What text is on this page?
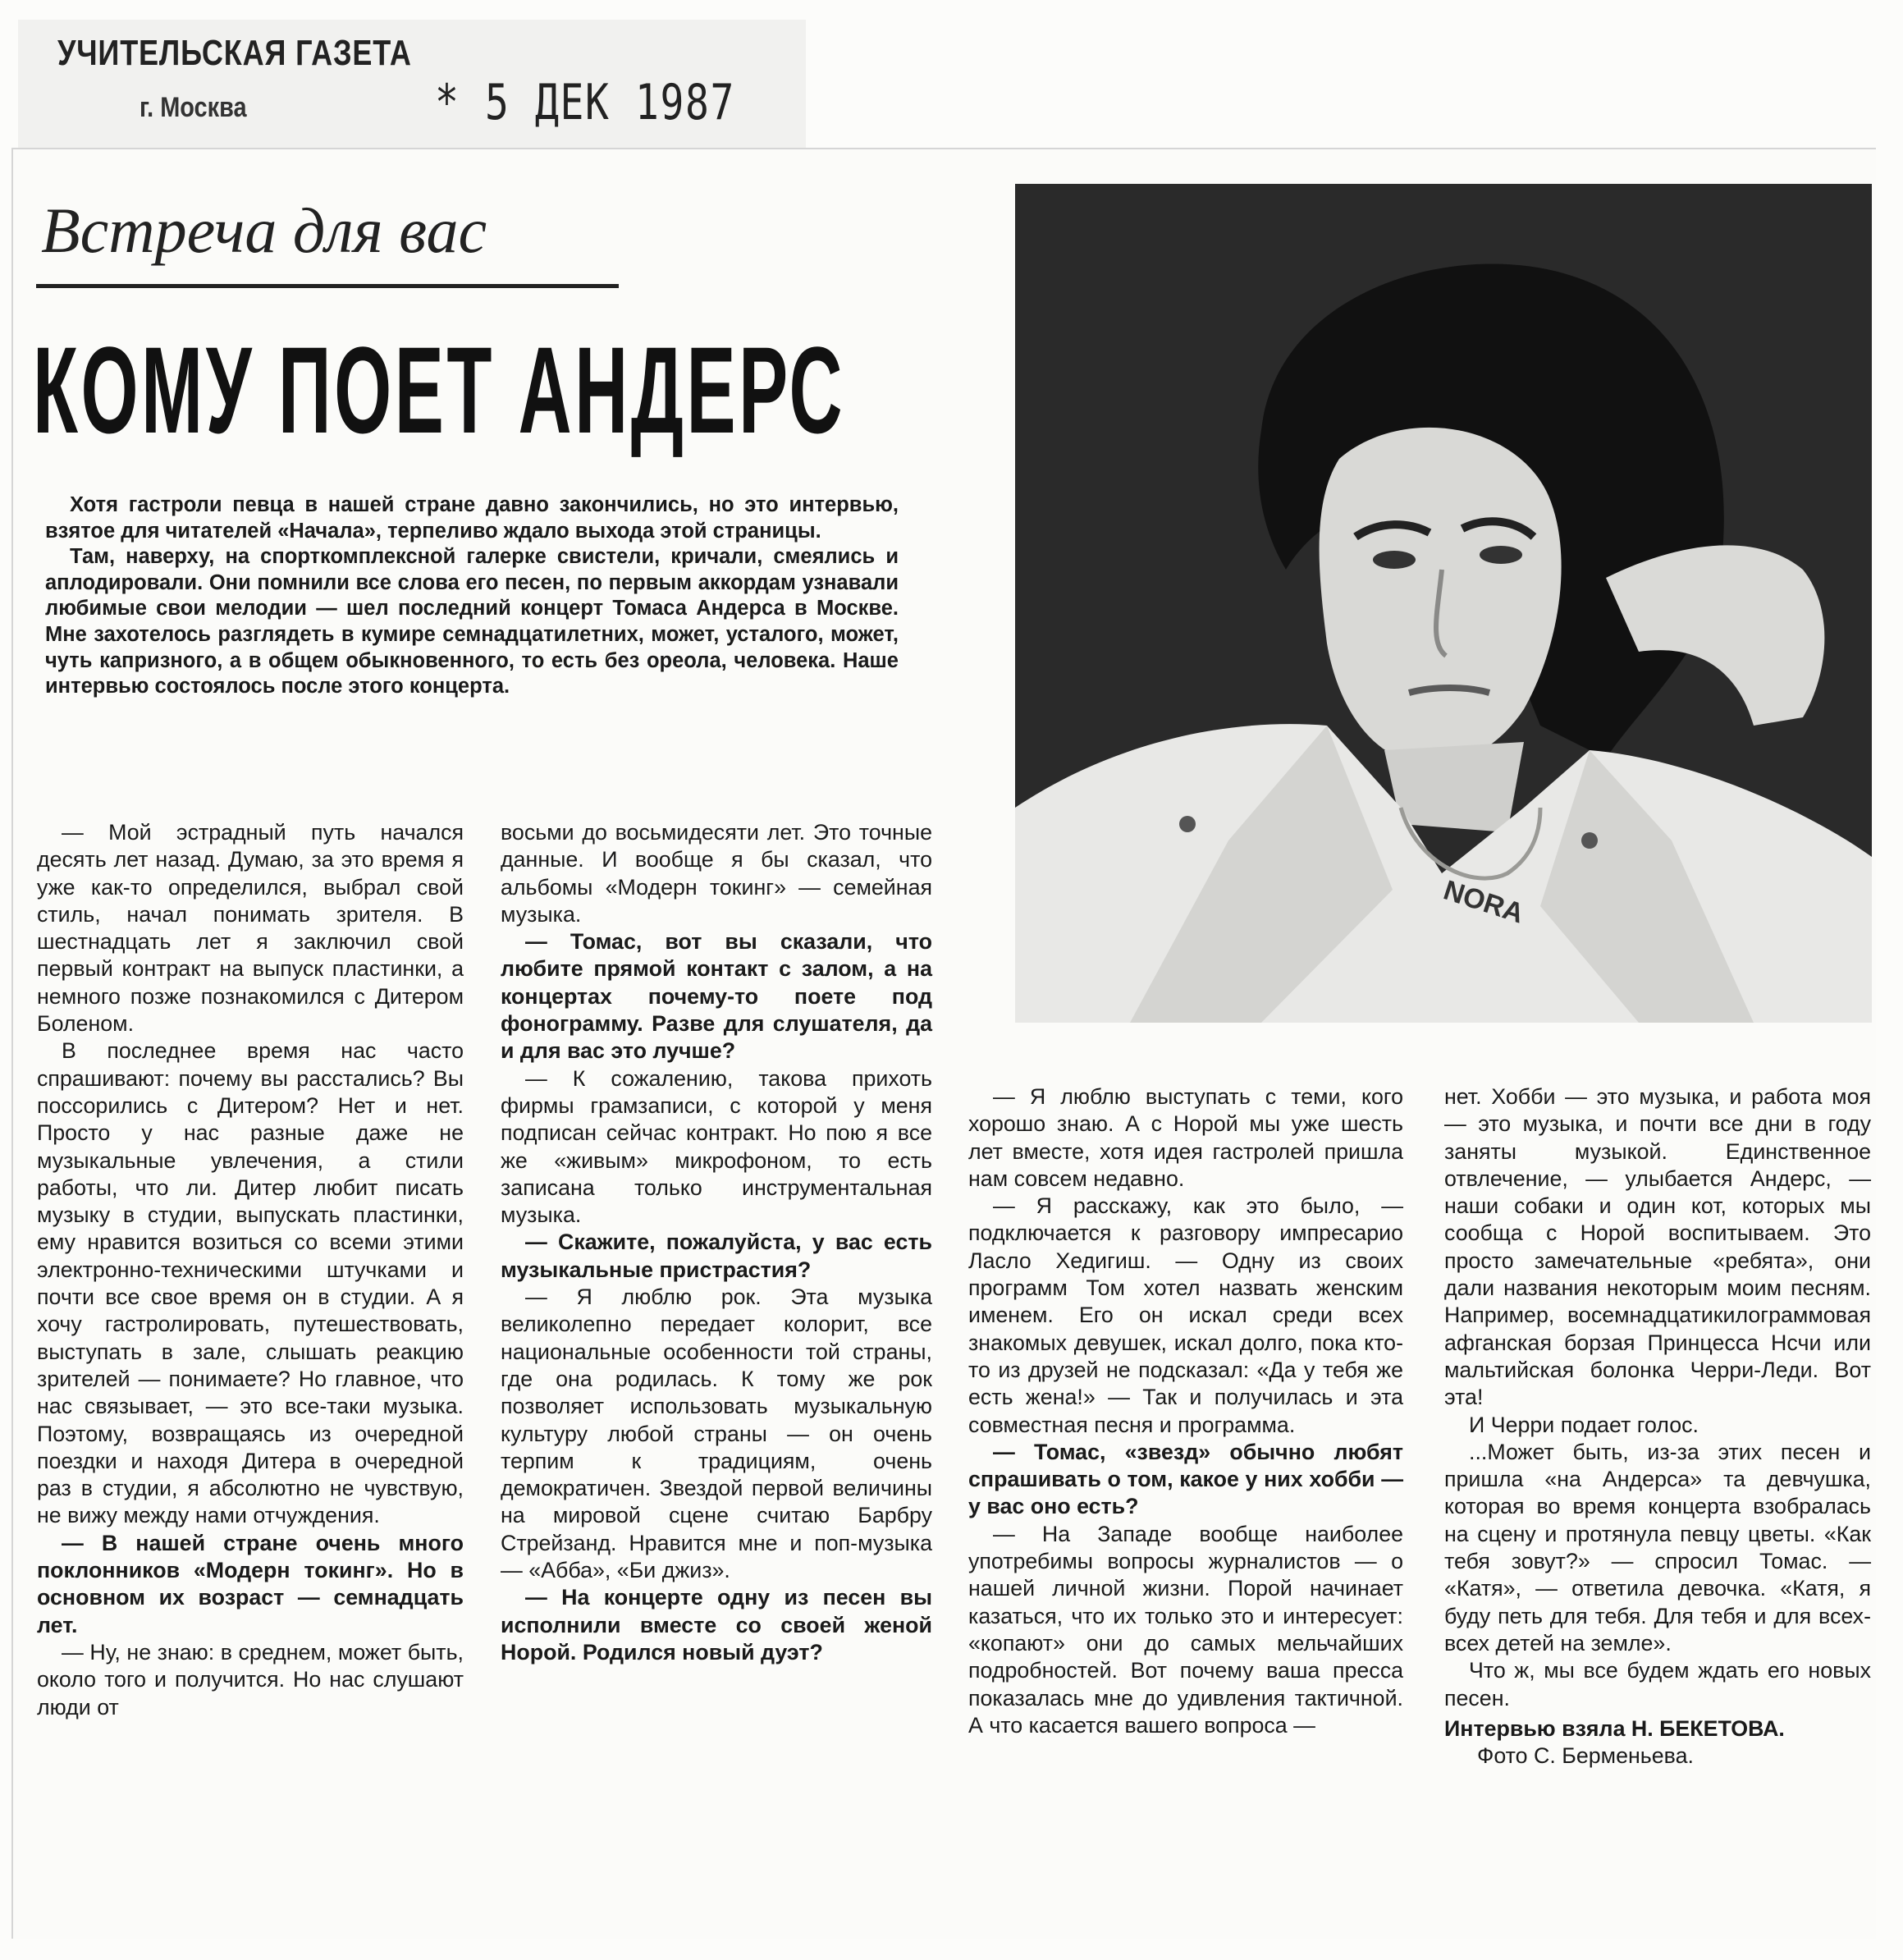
УЧИТЕЛЬСКАЯ ГАЗЕТА
г. Москва	* 5 ДЕК 1987
Встреча для вас
КОМУ ПОЕТ АНДЕРС

Хотя гастроли певца в нашей стране давно закончились, но это интервью, взятое для читателей «Начала», терпеливо ждало выхода этой страницы.

Там, наверху, на спорткомплексной галерке свистели, кричали, смеялись и аплодировали. Они помнили все слова его песен, по первым аккордам узнавали любимые свои мелодии — шел последний концерт Томаса Андерса в Москве. Мне захотелось разглядеть в кумире семнадцатилетних, может, усталого, может, чуть капризного, а в общем обыкновенного, то есть без ореола, человека. Наше интервью состоялось после этого концерта.

NORA

— Мой эстрадный путь начался десять лет назад. Думаю, за это время я уже как-то определился, выбрал свой стиль, начал понимать зрителя. В шестнадцать лет я заключил свой первый контракт на выпуск пластинки, а немного позже познакомился с Дитером Боленом.

В последнее время нас часто спрашивают: почему вы расстались? Вы поссорились с Дитером? Нет и нет. Просто у нас разные даже не музыкальные увлечения, а стили работы, что ли. Дитер любит писать музыку в студии, выпускать пластинки, ему нравится возиться со всеми этими электронно-техническими штучками и почти все свое время он в студии. А я хочу гастролировать, путешествовать, выступать в зале, слышать реакцию зрителей — понимаете? Но главное, что нас связывает, — это все-таки музыка. Поэтому, возвращаясь из очередной поездки и находя Дитера в очередной раз в студии, я абсолютно не чувствую, не вижу между нами отчуждения.

— В нашей стране очень много поклонников «Модерн токинг». Но в основном их возраст — семнадцать лет.

— Ну, не знаю: в среднем, может быть, около того и получится. Но нас слушают люди от

восьми до восьмидесяти лет. Это точные данные. И вообще я бы сказал, что альбомы «Модерн токинг» — семейная музыка.

— Томас, вот вы сказали, что любите прямой контакт с залом, а на концертах почему-то поете под фонограмму. Разве для слушателя, да и для вас это лучше?

— К сожалению, такова прихоть фирмы грамзаписи, с которой у меня подписан сейчас контракт. Но пою я все же «живым» микрофоном, то есть записана только инструментальная музыка.

— Скажите, пожалуйста, у вас есть музыкальные пристрастия?

— Я люблю рок. Эта музыка великолепно передает колорит, все национальные особенности той страны, где она родилась. К тому же рок позволяет использовать музыкальную культуру любой страны — он очень терпим к традициям, очень демократичен. Звездой первой величины на мировой сцене считаю Барбру Стрейзанд. Нравится мне и поп-музыка — «Абба», «Би джиз».

— На концерте одну из песен вы исполнили вместе со своей женой Норой. Родился новый дуэт?

— Я люблю выступать с теми, кого хорошо знаю. А с Норой мы уже шесть лет вместе, хотя идея гастролей пришла нам совсем недавно.

— Я расскажу, как это было, — подключается к разговору импресарио Ласло Хедигиш. — Одну из своих программ Том хотел назвать женским именем. Его он искал среди всех знакомых девушек, искал долго, пока кто-то из друзей не подсказал: «Да у тебя же есть жена!» — Так и получилась и эта совместная песня и программа.

— Томас, «звезд» обычно любят спрашивать о том, какое у них хобби — у вас оно есть?

— На Западе вообще наиболее употребимы вопросы журналистов — о нашей личной жизни. Порой начинает казаться, что их только это и интересует: «копают» они до самых мельчайших подробностей. Вот почему ваша пресса показалась мне до удивления тактичной. А что касается вашего вопроса —

нет. Хобби — это музыка, и работа моя — это музыка, и почти все дни в году заняты музыкой. Единственное отвлечение, — улыбается Андерс, — наши собаки и один кот, которых мы сообща с Норой воспитываем. Это просто замечательные «ребята», они дали названия некоторым моим песням. Например, восемнадцатикилограммовая афганская борзая Принцесса Нсчи или мальтийская болонка Черри-Леди. Вот эта!

И Черри подает голос.

...Может быть, из-за этих песен и пришла «на Андерса» та девчушка, которая во время концерта взобралась на сцену и протянула певцу цветы. «Как тебя зовут?» — спросил Томас. — «Катя», — ответила девочка. «Катя, я буду петь для тебя. Для тебя и для всех-всех детей на земле».

Что ж, мы все будем ждать его новых песен.

Интервью взяла Н. БЕКЕТОВА.

Фото С. Берменьева.
